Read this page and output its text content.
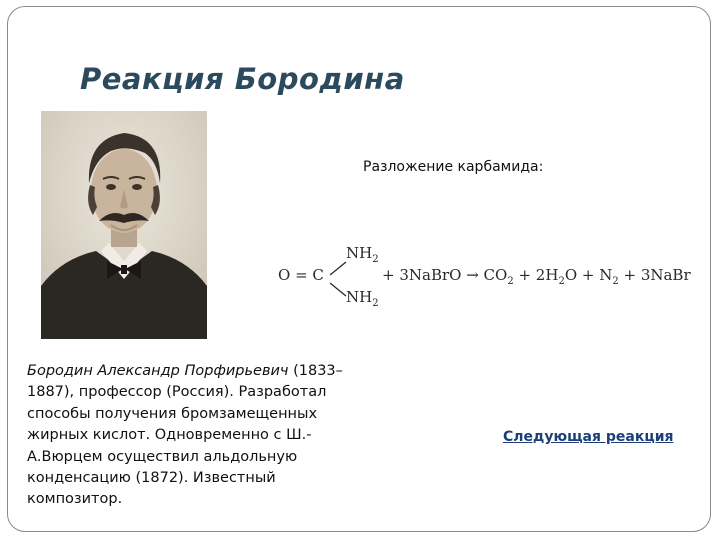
Реакция Бородина
Разложение карбамида:
O = C
$NH_2$
$NH_2$
+ 3NaBrO → $CO_2 + 2H_2O + N_2$ + 3NaBr
Бородин Александр Порфирьевич (1833–1887), профессор (Россия). Разработал способы получения бромзамещенных жирных кислот. Одновременно с Ш.-А.Вюрцем осуществил альдольную конденсацию (1872). Известный композитор.
Следующая реакция
